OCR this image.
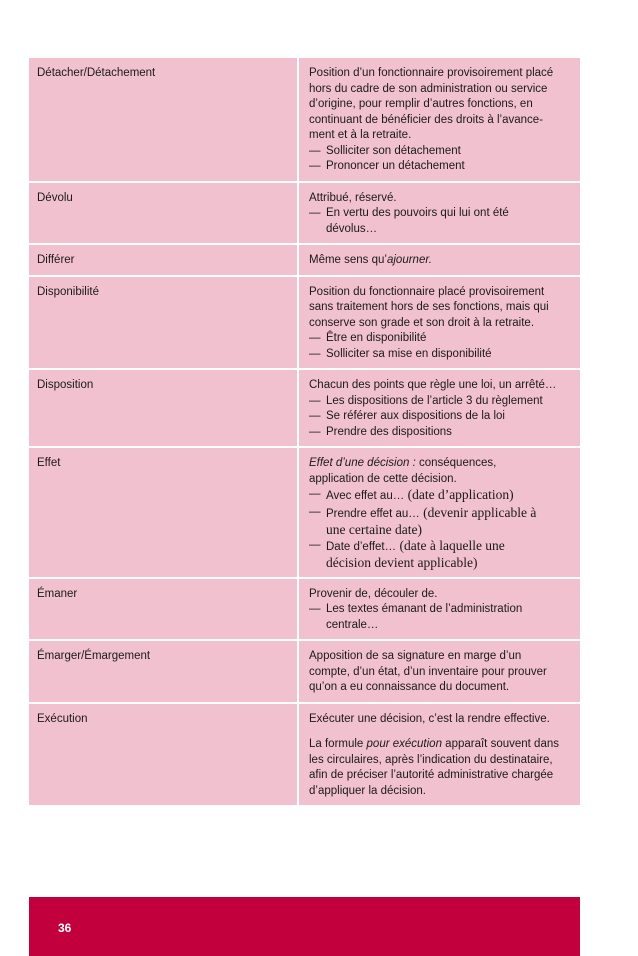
Détacher/Détachement	Position d’un fonctionnaire provisoirement placé
hors du cadre de son administration ou service
d’origine, pour remplir d’autres fonctions, en
continuant de bénéficier des droits à l’avance-
ment et à la retraite.
— Solliciter son détachement
— Prononcer un détachement
Dévolu	Attribué, réservé.
— En vertu des pouvoirs qui lui ont été
dévolus…
Différer	Même sens qu’ajourner.
Disponibilité	Position du fonctionnaire placé provisoirement
sans traitement hors de ses fonctions, mais qui
conserve son grade et son droit à la retraite.
— Être en disponibilité
— Solliciter sa mise en disponibilité
Disposition	Chacun des points que règle une loi, un arrêté…
— Les dispositions de l’article 3 du règlement
— Se référer aux dispositions de la loi
— Prendre des dispositions
Effet	Effet d’une décision : conséquences,
application de cette décision.
— Avec effet au… (date d’application)
— Prendre effet au… (devenir applicable à
une certaine date)
— Date d’effet… (date à laquelle une
décision devient applicable)
Émaner	Provenir de, découler de.
— Les textes émanant de l’administration
centrale…
Émarger/Émargement	Apposition de sa signature en marge d’un
compte, d’un état, d’un inventaire pour prouver
qu’on a eu connaissance du document.
Exécution	Exécuter une décision, c’est la rendre effective.
La formule pour exécution apparaît souvent dans
les circulaires, après l’indication du destinataire,
afin de préciser l’autorité administrative chargée
d’appliquer la décision.
36
